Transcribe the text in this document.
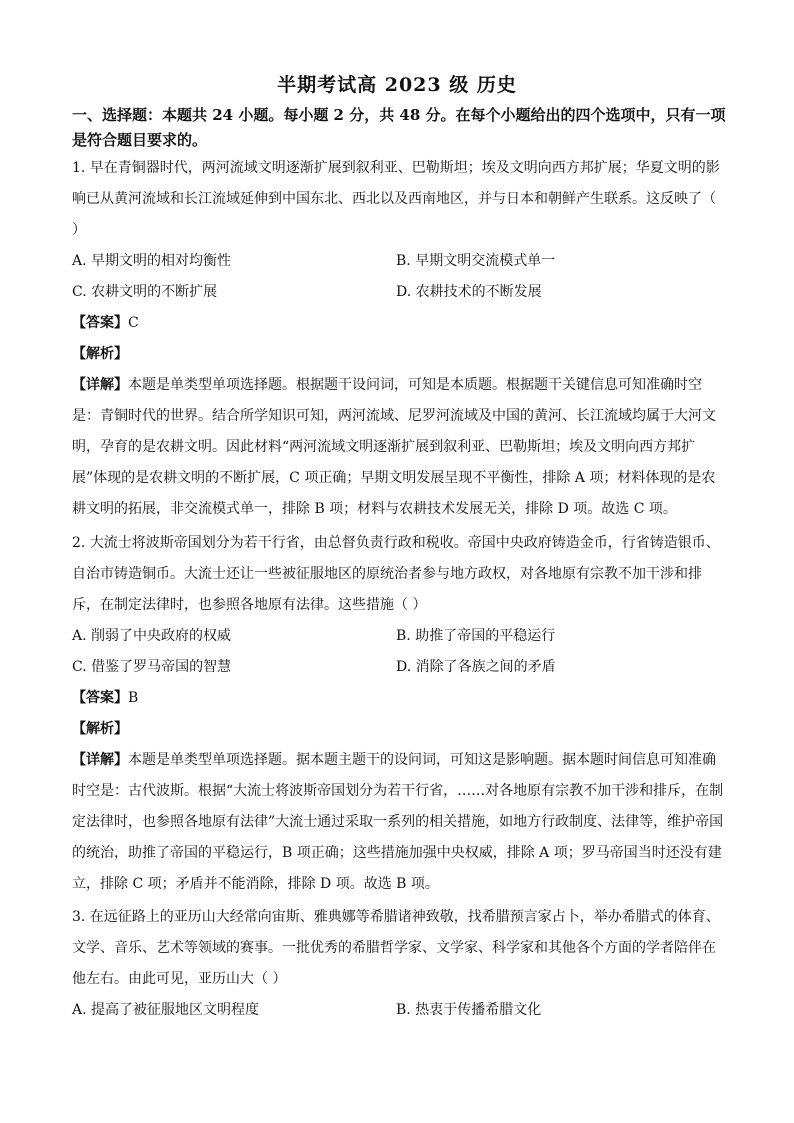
半期考试高 2023 级 历史
一、选择题：本题共 24 小题。每小题 2 分，共 48 分。在每个小题给出的四个选项中，只有一项是符合题目要求的。

1. 早在青铜器时代，两河流域文明逐渐扩展到叙利亚、巴勒斯坦；埃及文明向西方邦扩展；华夏文明的影响已从黄河流域和长江流域延伸到中国东北、西北以及西南地区，并与日本和朝鲜产生联系。这反映了（ ）

A. 早期文明的相对均衡性	B. 早期文明交流模式单一
C. 农耕文明的不断扩展	D. 农耕技术的不断发展
【答案】C
【解析】

【详解】本题是单类型单项选择题。根据题干设问词，可知是本质题。根据题干关键信息可知准确时空是：青铜时代的世界。结合所学知识可知，两河流域、尼罗河流域及中国的黄河、长江流域均属于大河文明，孕育的是农耕文明。因此材料“两河流域文明逐渐扩展到叙利亚、巴勒斯坦；埃及文明向西方邦扩展”体现的是农耕文明的不断扩展，C 项正确；早期文明发展呈现不平衡性，排除 A 项；材料体现的是农耕文明的拓展，非交流模式单一，排除 B 项；材料与农耕技术发展无关，排除 D 项。故选 C 项。

2. 大流士将波斯帝国划分为若干行省，由总督负责行政和税收。帝国中央政府铸造金币，行省铸造银币、自治市铸造铜币。大流士还让一些被征服地区的原统治者参与地方政权，对各地原有宗教不加干涉和排斥，在制定法律时，也参照各地原有法律。这些措施（ ）

A. 削弱了中央政府的权威	B. 助推了帝国的平稳运行
C. 借鉴了罗马帝国的智慧	D. 消除了各族之间的矛盾
【答案】B
【解析】

【详解】本题是单类型单项选择题。据本题主题干的设问词，可知这是影响题。据本题时间信息可知准确时空是：古代波斯。根据“大流士将波斯帝国划分为若干行省，……对各地原有宗教不加干涉和排斥，在制定法律时，也参照各地原有法律”大流士通过采取一系列的相关措施，如地方行政制度、法律等，维护帝国的统治，助推了帝国的平稳运行，B 项正确；这些措施加强中央权威，排除 A 项；罗马帝国当时还没有建立，排除 C 项；矛盾并不能消除，排除 D 项。故选 B 项。

3. 在远征路上的亚历山大经常向宙斯、雅典娜等希腊诸神致敬，找希腊预言家占卜，举办希腊式的体育、文学、音乐、艺术等领域的赛事。一批优秀的希腊哲学家、文学家、科学家和其他各个方面的学者陪伴在他左右。由此可见，亚历山大（ ）

A. 提高了被征服地区文明程度	B. 热衷于传播希腊文化
